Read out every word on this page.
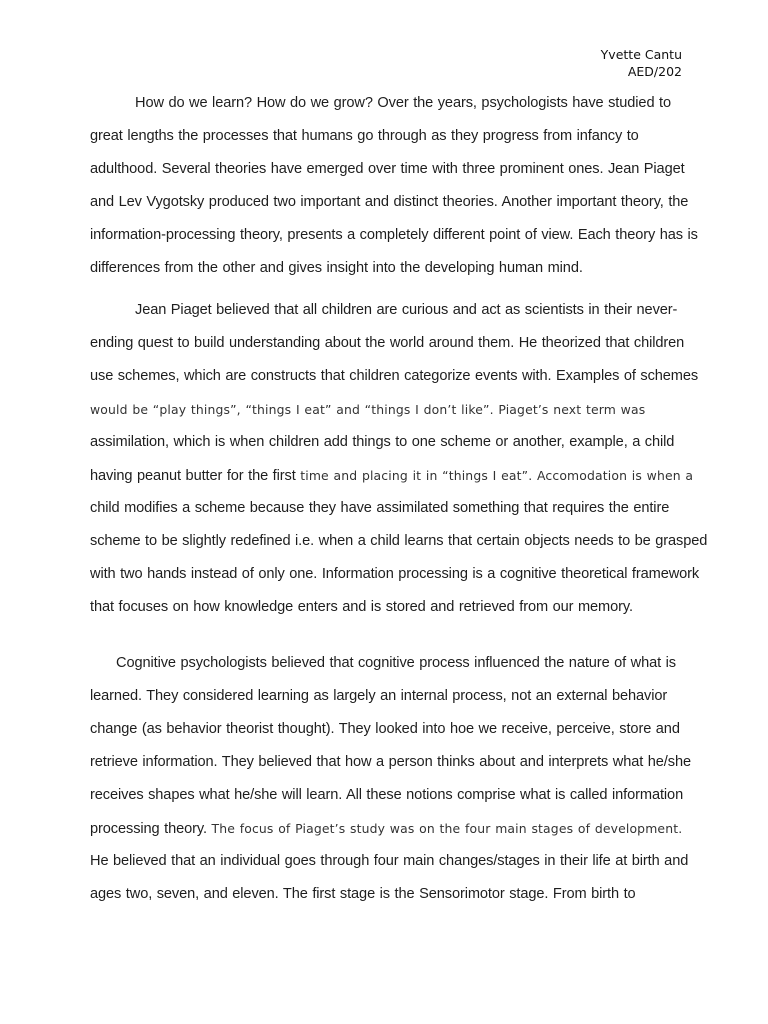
Yvette Cantu
AED/202
How do we learn? How do we grow? Over the years, psychologists have studied to
great lengths the processes that humans go through as they progress from infancy to
adulthood. Several theories have emerged over time with three prominent ones. Jean Piaget
and Lev Vygotsky produced two important and distinct theories. Another important theory, the
information-processing theory, presents a completely different point of view. Each theory has is
differences from the other and gives insight into the developing human mind.
Jean Piaget believed that all children are curious and act as scientists in their never-
ending quest to build understanding about the world around them. He theorized that children
use schemes, which are constructs that children categorize events with. Examples of schemes
would be “play things”, “things I eat” and “things I don’t like”. Piaget’s next term was
assimilation, which is when children add things to one scheme or another, example, a child
having peanut butter for the first time and placing it in “things I eat”. Accomodation is when a
child modifies a scheme because they have assimilated something that requires the entire
scheme to be slightly redefined i.e. when a child learns that certain objects needs to be grasped
with two hands instead of only one. Information processing is a cognitive theoretical framework
that focuses on how knowledge enters and is stored and retrieved from our memory.
Cognitive psychologists believed that cognitive process influenced the nature of what is
learned. They considered learning as largely an internal process, not an external behavior
change (as behavior theorist thought). They looked into hoe we receive, perceive, store and
retrieve information. They believed that how a person thinks about and interprets what he/she
receives shapes what he/she will learn. All these notions comprise what is called information
processing theory. The focus of Piaget’s study was on the four main stages of development.
He believed that an individual goes through four main changes/stages in their life at birth and
ages two, seven, and eleven. The first stage is the Sensorimotor stage. From birth to
